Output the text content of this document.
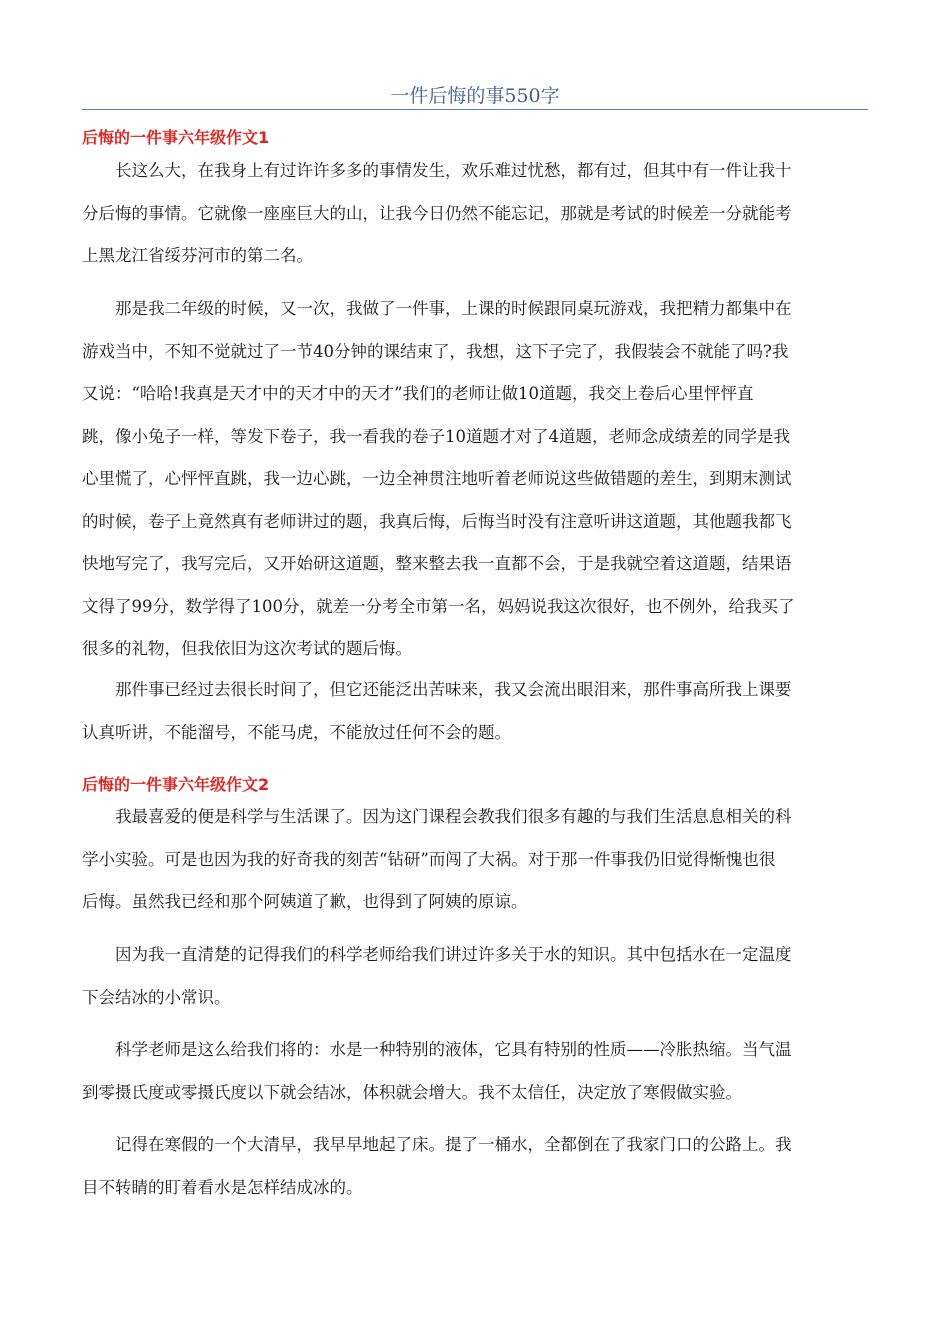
一件后悔的事550字
后悔的一件事六年级作文1

长这么大，在我身上有过许许多多的事情发生，欢乐难过忧愁，都有过，但其中有一件让我十
分后悔的事情。它就像一座座巨大的山，让我今日仍然不能忘记，那就是考试的时候差一分就能考
上黑龙江省绥芬河市的第二名。

那是我二年级的时候，又一次，我做了一件事，上课的时候跟同桌玩游戏，我把精力都集中在
游戏当中，不知不觉就过了一节40分钟的课结束了，我想，这下子完了，我假装会不就能了吗?我
又说：“哈哈!我真是天才中的天才中的天才”我们的老师让做10道题，我交上卷后心里怦怦直
跳，像小兔子一样，等发下卷子，我一看我的卷子10道题才对了4道题，老师念成绩差的同学是我
心里慌了，心怦怦直跳，我一边心跳，一边全神贯注地听着老师说这些做错题的差生，到期末测试
的时候，卷子上竟然真有老师讲过的题，我真后悔，后悔当时没有注意听讲这道题，其他题我都飞
快地写完了，我写完后，又开始研这道题，整来整去我一直都不会，于是我就空着这道题，结果语
文得了99分，数学得了100分，就差一分考全市第一名，妈妈说我这次很好，也不例外，给我买了
很多的礼物，但我依旧为这次考试的题后悔。

那件事已经过去很长时间了，但它还能泛出苦味来，我又会流出眼泪来，那件事高所我上课要
认真听讲，不能溜号，不能马虎，不能放过任何不会的题。

后悔的一件事六年级作文2

我最喜爱的便是科学与生活课了。因为这门课程会教我们很多有趣的与我们生活息息相关的科
学小实验。可是也因为我的好奇我的刻苦“钻研”而闯了大祸。对于那一件事我仍旧觉得惭愧也很
后悔。虽然我已经和那个阿姨道了歉，也得到了阿姨的原谅。

因为我一直清楚的记得我们的科学老师给我们讲过许多关于水的知识。其中包括水在一定温度
下会结冰的小常识。

科学老师是这么给我们将的：水是一种特别的液体，它具有特别的性质——冷胀热缩。当气温
到零摄氏度或零摄氏度以下就会结冰，体积就会增大。我不太信任，决定放了寒假做实验。

记得在寒假的一个大清早，我早早地起了床。提了一桶水，全都倒在了我家门口的公路上。我
目不转睛的盯着看水是怎样结成冰的。
